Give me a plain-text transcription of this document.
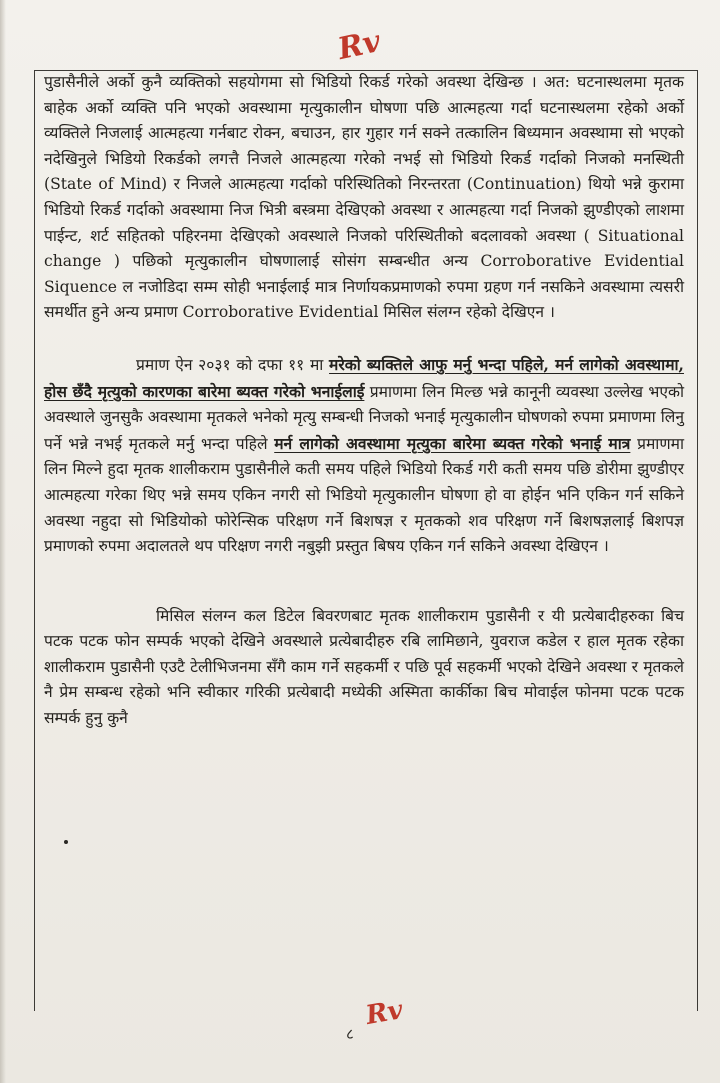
Rv

पुडासैनीले अर्को कुनै व्यक्तिको सहयोगमा सो भिडियो रिकर्ड गरेको अवस्था देखिन्छ । अत: घटनास्थलमा मृतक बाहेक अर्को व्यक्ति पनि भएको अवस्थामा मृत्युकालीन घोषणा पछि आत्महत्या गर्दा घटनास्थलमा रहेको अर्को व्यक्तिले निजलाई आत्महत्या गर्नबाट रोक्न, बचाउन, हार गुहार गर्न सक्ने तत्कालिन बिध्यमान अवस्थामा सो भएको नदेखिनुले भिडियो रिकर्डको लगत्तै निजले आत्महत्या गरेको नभई सो भिडियो रिकर्ड गर्दाको निजको मनस्थिती (State of Mind) र निजले आत्महत्या गर्दाको परिस्थितिको निरन्तरता (Continuation) थियो भन्ने कुरामा भिडियो रिकर्ड गर्दाको अवस्थामा निज भित्री बस्त्रमा देखिएको अवस्था र आत्महत्या गर्दा निजको झुण्डीएको लाशमा पाईन्ट, शर्ट सहितको पहिरनमा देखिएको अवस्थाले निजको परिस्थितीको बदलावको अवस्था ( Situational change ) पछिको मृत्युकालीन घोषणालाई सोसंग सम्बन्धीत अन्य Corroborative Evidential Siquence ल नजोडिदा सम्म सोही भनाईलाई मात्र निर्णायकप्रमाणको रुपमा ग्रहण गर्न नसकिने अवस्थामा त्यसरी समर्थीत हुने अन्य प्रमाण Corroborative Evidential मिसिल संलग्न रहेको देखिएन ।

प्रमाण ऐन २०३१ को दफा ११ मा मरेको ब्यक्तिले आफु मर्नु भन्दा पहिले, मर्न लागेको अवस्थामा, होस छँदै मृत्युको कारणका बारेमा ब्यक्त गरेको भनाईलाई प्रमाणमा लिन मिल्छ भन्ने कानूनी व्यवस्था उल्लेख भएको अवस्थाले जुनसुकै अवस्थामा मृतकले भनेको मृत्यु सम्बन्धी निजको भनाई मृत्युकालीन घोषणको रुपमा प्रमाणमा लिनु पर्ने भन्ने नभई मृतकले मर्नु भन्दा पहिले मर्न लागेको अवस्थामा मृत्युका बारेमा ब्यक्त गरेको भनाई मात्र प्रमाणमा लिन मिल्ने हुदा मृतक शालीकराम पुडासैनीले कती समय पहिले भिडियो रिकर्ड गरी कती समय पछि डोरीमा झुण्डीएर आत्महत्या गरेका थिए भन्ने समय एकिन नगरी सो भिडियो मृत्युकालीन घोषणा हो वा होईन भनि एकिन गर्न सकिने अवस्था नहुदा सो भिडियोको फोरेन्सिक परिक्षण गर्ने बिशषज्ञ र मृतकको शव परिक्षण गर्ने बिशषज्ञलाई बिशपज्ञ प्रमाणको रुपमा अदालतले थप परिक्षण नगरी नबुझी प्रस्तुत बिषय एकिन गर्न सकिने अवस्था देखिएन ।

मिसिल संलग्न कल डिटेल बिवरणबाट मृतक शालीकराम पुडासैनी र यी प्रत्येबादीहरुका बिच पटक पटक फोन सम्पर्क भएको देखिने अवस्थाले प्रत्येबादीहरु रबि लामिछाने, युवराज कडेल र हाल मृतक रहेका शालीकराम पुडासैनी एउटै टेलीभिजनमा सँगै काम गर्ने सहकर्मी र पछि पूर्व सहकर्मी भएको देखिने अवस्था र मृतकले नै प्रेम सम्बन्ध रहेको भनि स्वीकार गरिकी प्रत्येबादी मध्येकी अस्मिता कार्कीका बिच मोवाईल फोनमा पटक पटक सम्पर्क हुनु कुनै

Rv
८
